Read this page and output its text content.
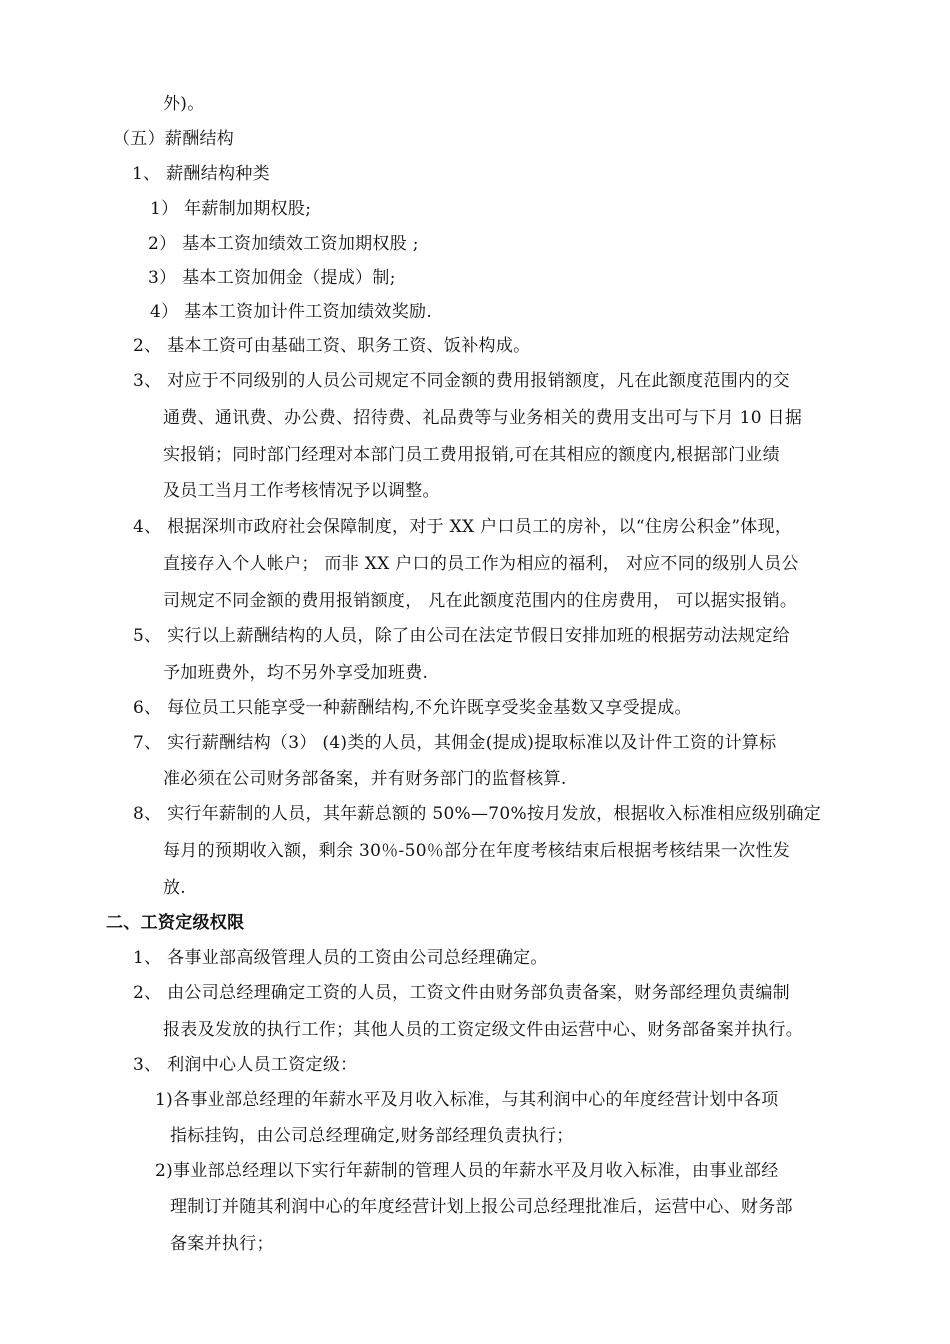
外)。
（五）薪酬结构
1、 薪酬结构种类
1） 年薪制加期权股;
2） 基本工资加绩效工资加期权股 ;
3） 基本工资加佣金（提成）制;
4） 基本工资加计件工资加绩效奖励.
2、 基本工资可由基础工资、职务工资、饭补构成。
3、 对应于不同级别的人员公司规定不同金额的费用报销额度，凡在此额度范围内的交
通费、通讯费、办公费、招待费、礼品费等与业务相关的费用支出可与下月 10 日据
实报销；同时部门经理对本部门员工费用报销,可在其相应的额度内,根据部门业绩
及员工当月工作考核情况予以调整。
4、 根据深圳市政府社会保障制度，对于 XX 户口员工的房补，以“住房公积金”体现，
直接存入个人帐户； 而非 XX 户口的员工作为相应的福利， 对应不同的级别人员公
司规定不同金额的费用报销额度， 凡在此额度范围内的住房费用， 可以据实报销。
5、 实行以上薪酬结构的人员，除了由公司在法定节假日安排加班的根据劳动法规定给
予加班费外，均不另外享受加班费.
6、 每位员工只能享受一种薪酬结构,不允许既享受奖金基数又享受提成。
7、 实行薪酬结构（3） (4)类的人员，其佣金(提成)提取标准以及计件工资的计算标
准必须在公司财务部备案，并有财务部门的监督核算.
8、 实行年薪制的人员，其年薪总额的 50%—70%按月发放，根据收入标准相应级别确定
每月的预期收入额，剩余 30％-50％部分在年度考核结束后根据考核结果一次性发
放.
二、工资定级权限
1、 各事业部高级管理人员的工资由公司总经理确定。
2、 由公司总经理确定工资的人员，工资文件由财务部负责备案，财务部经理负责编制
报表及发放的执行工作；其他人员的工资定级文件由运营中心、财务部备案并执行。
3、 利润中心人员工资定级：
1)各事业部总经理的年薪水平及月收入标准，与其利润中心的年度经营计划中各项
指标挂钩，由公司总经理确定,财务部经理负责执行；
2)事业部总经理以下实行年薪制的管理人员的年薪水平及月收入标准，由事业部经
理制订并随其利润中心的年度经营计划上报公司总经理批准后，运营中心、财务部
备案并执行；
